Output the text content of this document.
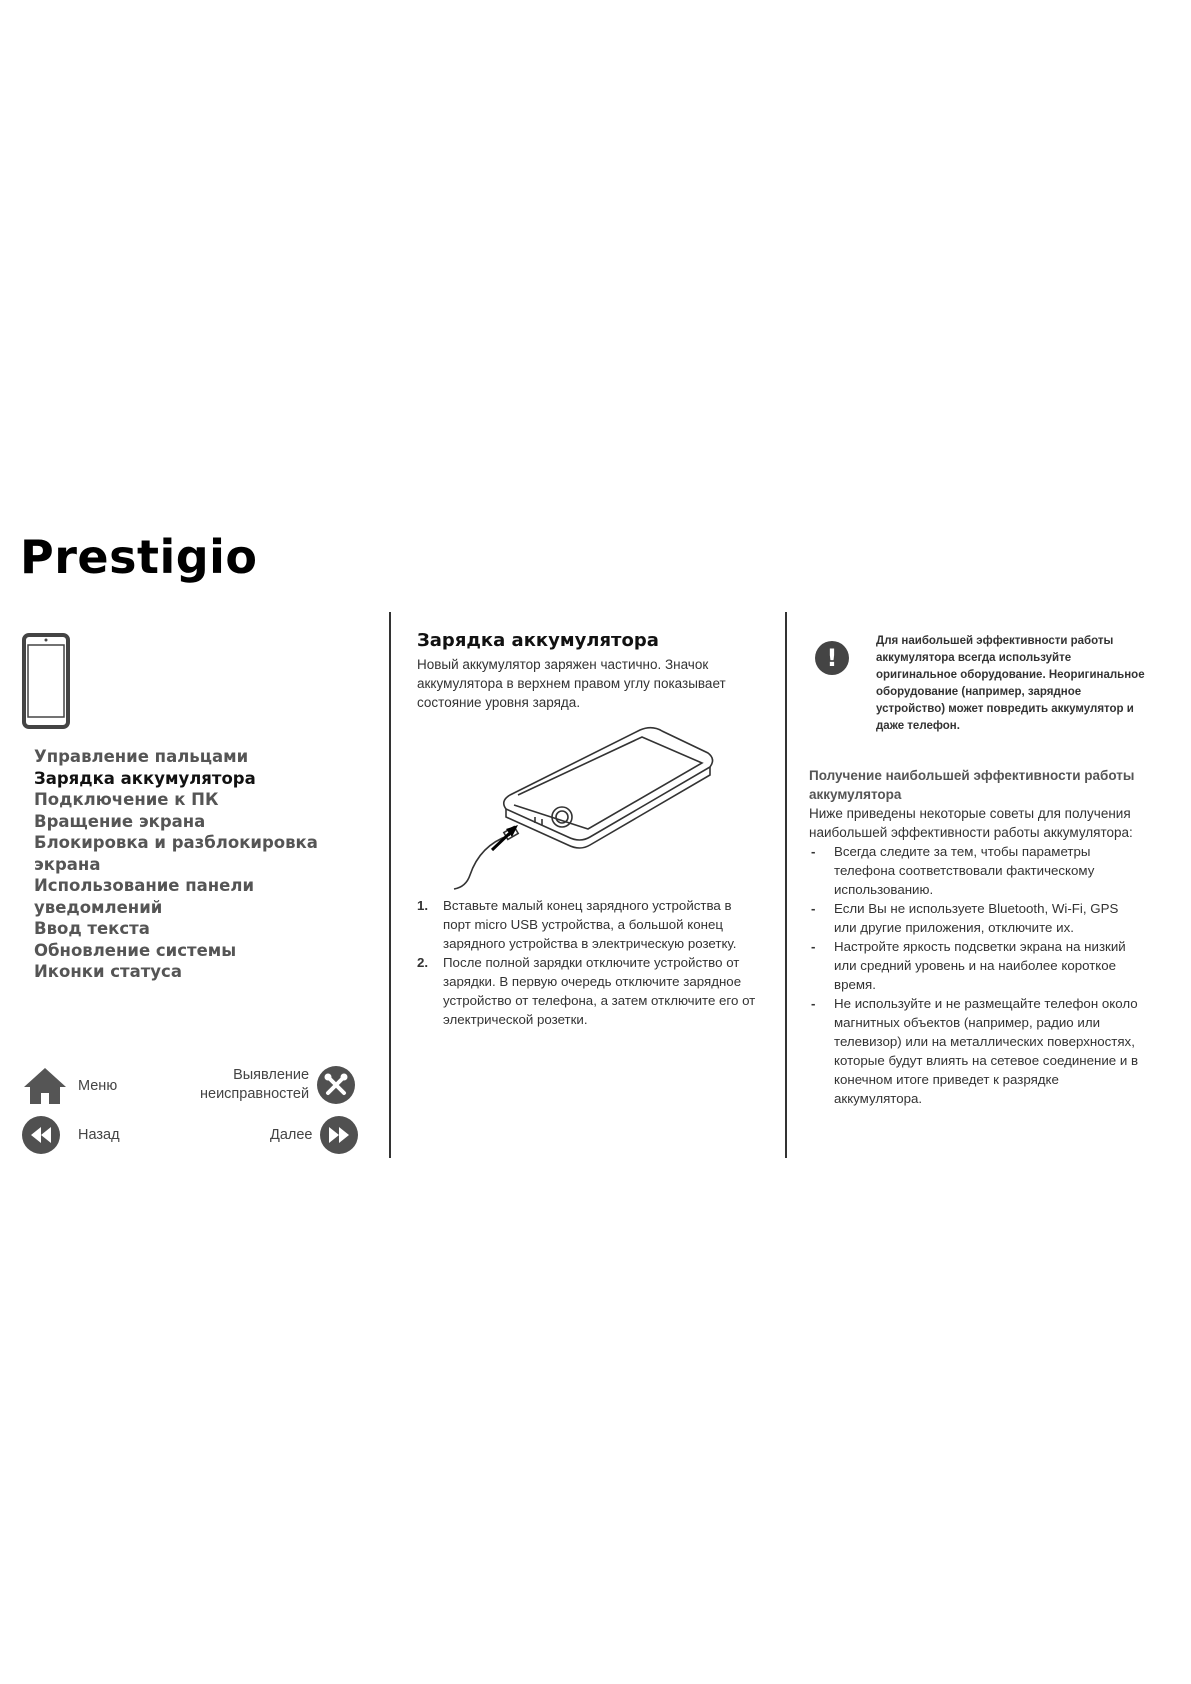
Prestigio
Управление пальцами
Зарядка аккумулятора
Подключение к ПК
Вращение экрана
Блокировка и разблокировка экрана
Использование панели
уведомлений
Ввод текста
Обновление системы
Иконки статуса
Меню
Выявление
неисправностей
Назад	Далее
Зарядка аккумулятора

Новый аккумулятор заряжен частично. Значок аккумулятора в верхнем правом углу показывает состояние уровня заряда.

1. Вставьте малый конец зарядного устройства в порт micro USB устройства, а большой конец зарядного устройства в электрическую розетку.
2. После полной зарядки отключите устройство от зарядки. В первую очередь отключите зарядное устройство от телефона, а затем отключите его от электрической розетки.
!

Для наибольшей эффективности работы аккумулятора всегда используйте оригинальное оборудование. Неоригинальное оборудование (например, зарядное устройство) может повредить аккумулятор и даже телефон.

Получение наибольшей эффективности работы аккумулятора

Ниже приведены некоторые советы для получения наибольшей эффективности работы аккумулятора:

- Всегда следите за тем, чтобы параметры телефона соответствовали фактическому использованию.
- Если Вы не используете Bluetooth, Wi-Fi, GPS или другие приложения, отключите их.
- Настройте яркость подсветки экрана на низкий или средний уровень и на наиболее короткое время.
- Не используйте и не размещайте телефон около магнитных объектов (например, радио или телевизор) или на металлических поверхностях, которые будут влиять на сетевое соединение и в конечном итоге приведет к разрядке аккумулятора.
